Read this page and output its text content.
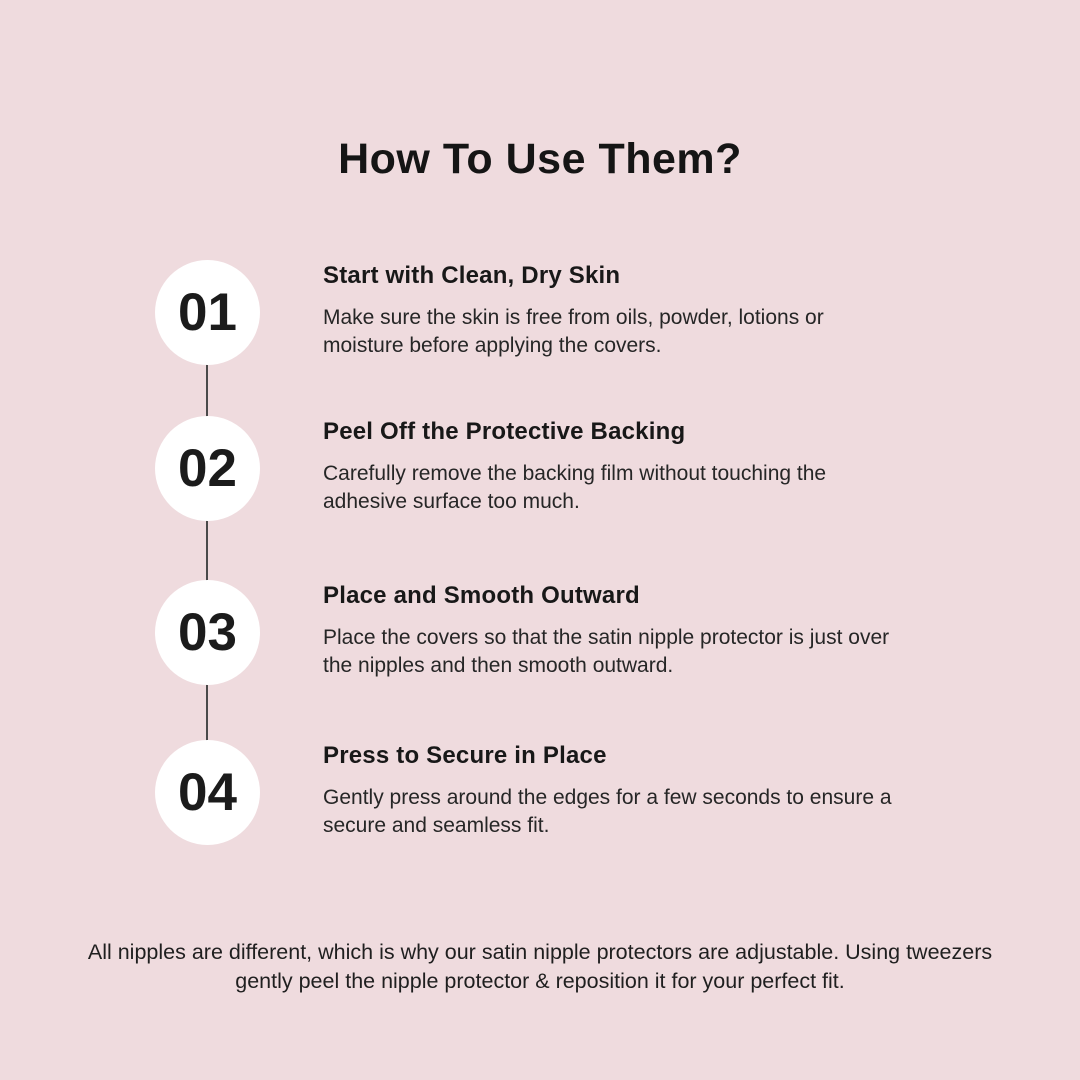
How To Use Them?
01
Start with Clean, Dry Skin

Make sure the skin is free from oils, powder, lotions or moisture before applying the covers.

02
Peel Off the Protective Backing

Carefully remove the backing film without touching the adhesive surface too much.

03
Place and Smooth Outward

Place the covers so that the satin nipple protector is just over the nipples and then smooth outward.

04
Press to Secure in Place

Gently press around the edges for a few seconds to ensure a secure and seamless fit.

All nipples are different, which is why our satin nipple protectors are adjustable. Using tweezers gently peel the nipple protector & reposition it for your perfect fit.
